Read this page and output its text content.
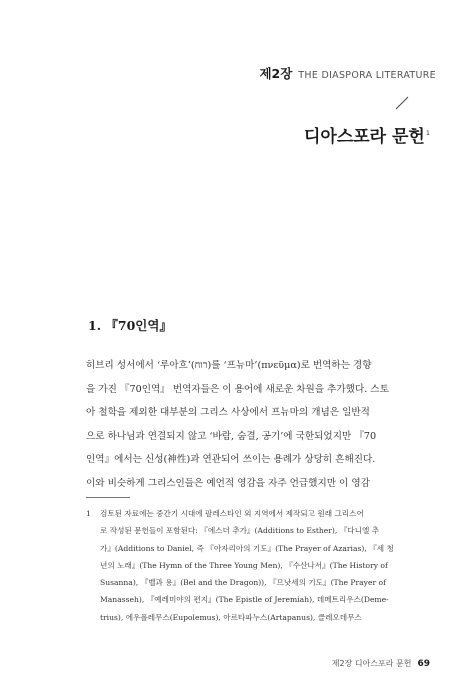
제2장 THE DIASPORA LITERATURE
디아스포라 문헌$^1$
1. 『70인역』
히브리 성서에서 ‘루아흐’(רוח)를 ‘프뉴마’(πνεῦμα)로 번역하는 경향
을 가진 『70인역』 번역자들은 이 용어에 새로운 차원을 추가했다. 스토
아 철학을 제외한 대부분의 그리스 사상에서 프뉴마의 개념은 일반적
으로 하나님과 연결되지 않고 ‘바람, 숨결, 공기’에 국한되었지만 『70
인역』에서는 신성(神性)과 연관되어 쓰이는 용례가 상당히 흔해진다.
이와 비슷하게 그리스인들은 예언적 영감을 자주 언급했지만 이 영감
1 검토된 자료에는 중간기 시대에 팔레스타인 외 지역에서 제작되고 원래 그리스어
로 작성된 문헌들이 포함된다: 『에스더 추가』(Additions to Esther), 『다니엘 추
가』(Additions to Daniel, 즉 『아자리아의 기도』(The Prayer of Azarias), 『세 청
년의 노래』(The Hymn of the Three Young Men), 『수산나서』(The History of
Susanna), 『벨과 용』(Bel and the Dragon)), 『므낫세의 기도』(The Prayer of
Manasseh), 『예레미야의 편지』(The Epistle of Jeremiah), 데메트리우스(Deme-
trius), 에우폴레무스(Eupolemus), 아르타파누스(Artapanus), 클레오데무스
제2장 디아스포라 문헌 69
